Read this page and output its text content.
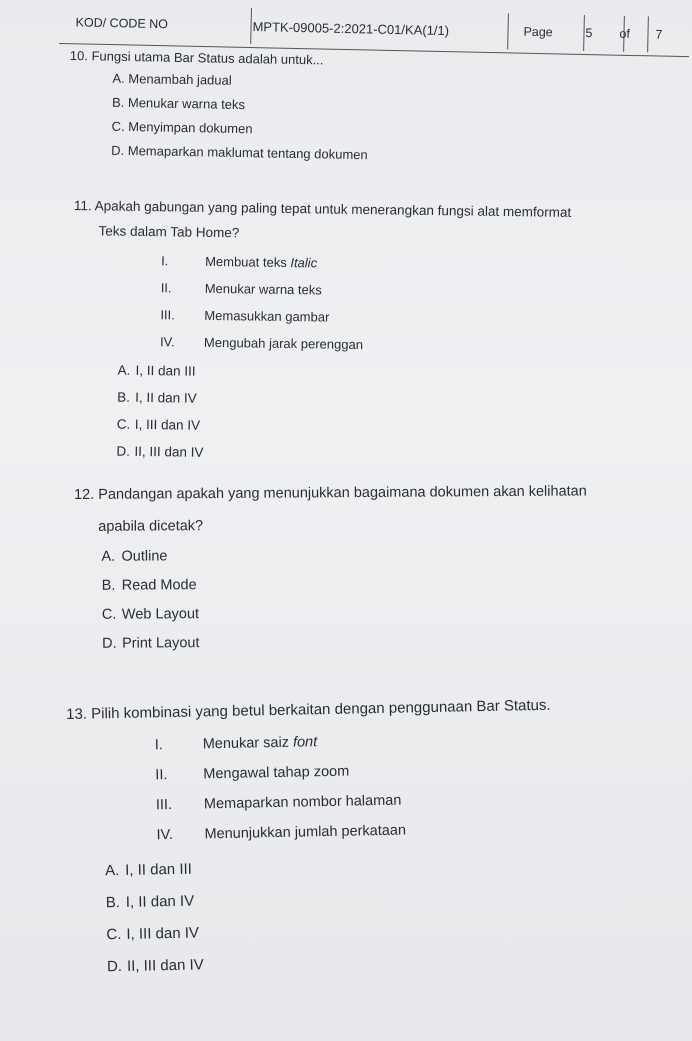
KOD/ CODE NO	MPTK-09005-2:2021-C01/KA(1/1)	Page	5 of 7
10. Fungsi utama Bar Status adalah untuk...
A. Menambah jadual
B. Menukar warna teks
C. Menyimpan dokumen
D. Memaparkan maklumat tentang dokumen
11. Apakah gabungan yang paling tepat untuk menerangkan fungsi alat memformat
Teks dalam Tab Home?
I.	Membuat teks Italic
II.	Menukar warna teks
III. Memasukkan gambar
IV. Mengubah jarak perenggan
A. I, II dan III
B. I, II dan IV
C. I, III dan IV
D. II, III dan IV
12. Pandangan apakah yang menunjukkan bagaimana dokumen akan kelihatan
apabila dicetak?
A. Outline
B. Read Mode
C. Web Layout
D. Print Layout
13. Pilih kombinasi yang betul berkaitan dengan penggunaan Bar Status.
I.	Menukar saiz font
II. Mengawal tahap zoom
III. Memaparkan nombor halaman
IV. Menunjukkan jumlah perkataan
A. I, II dan III
B. I, II dan IV
C. I, III dan IV
D. II, III dan IV
